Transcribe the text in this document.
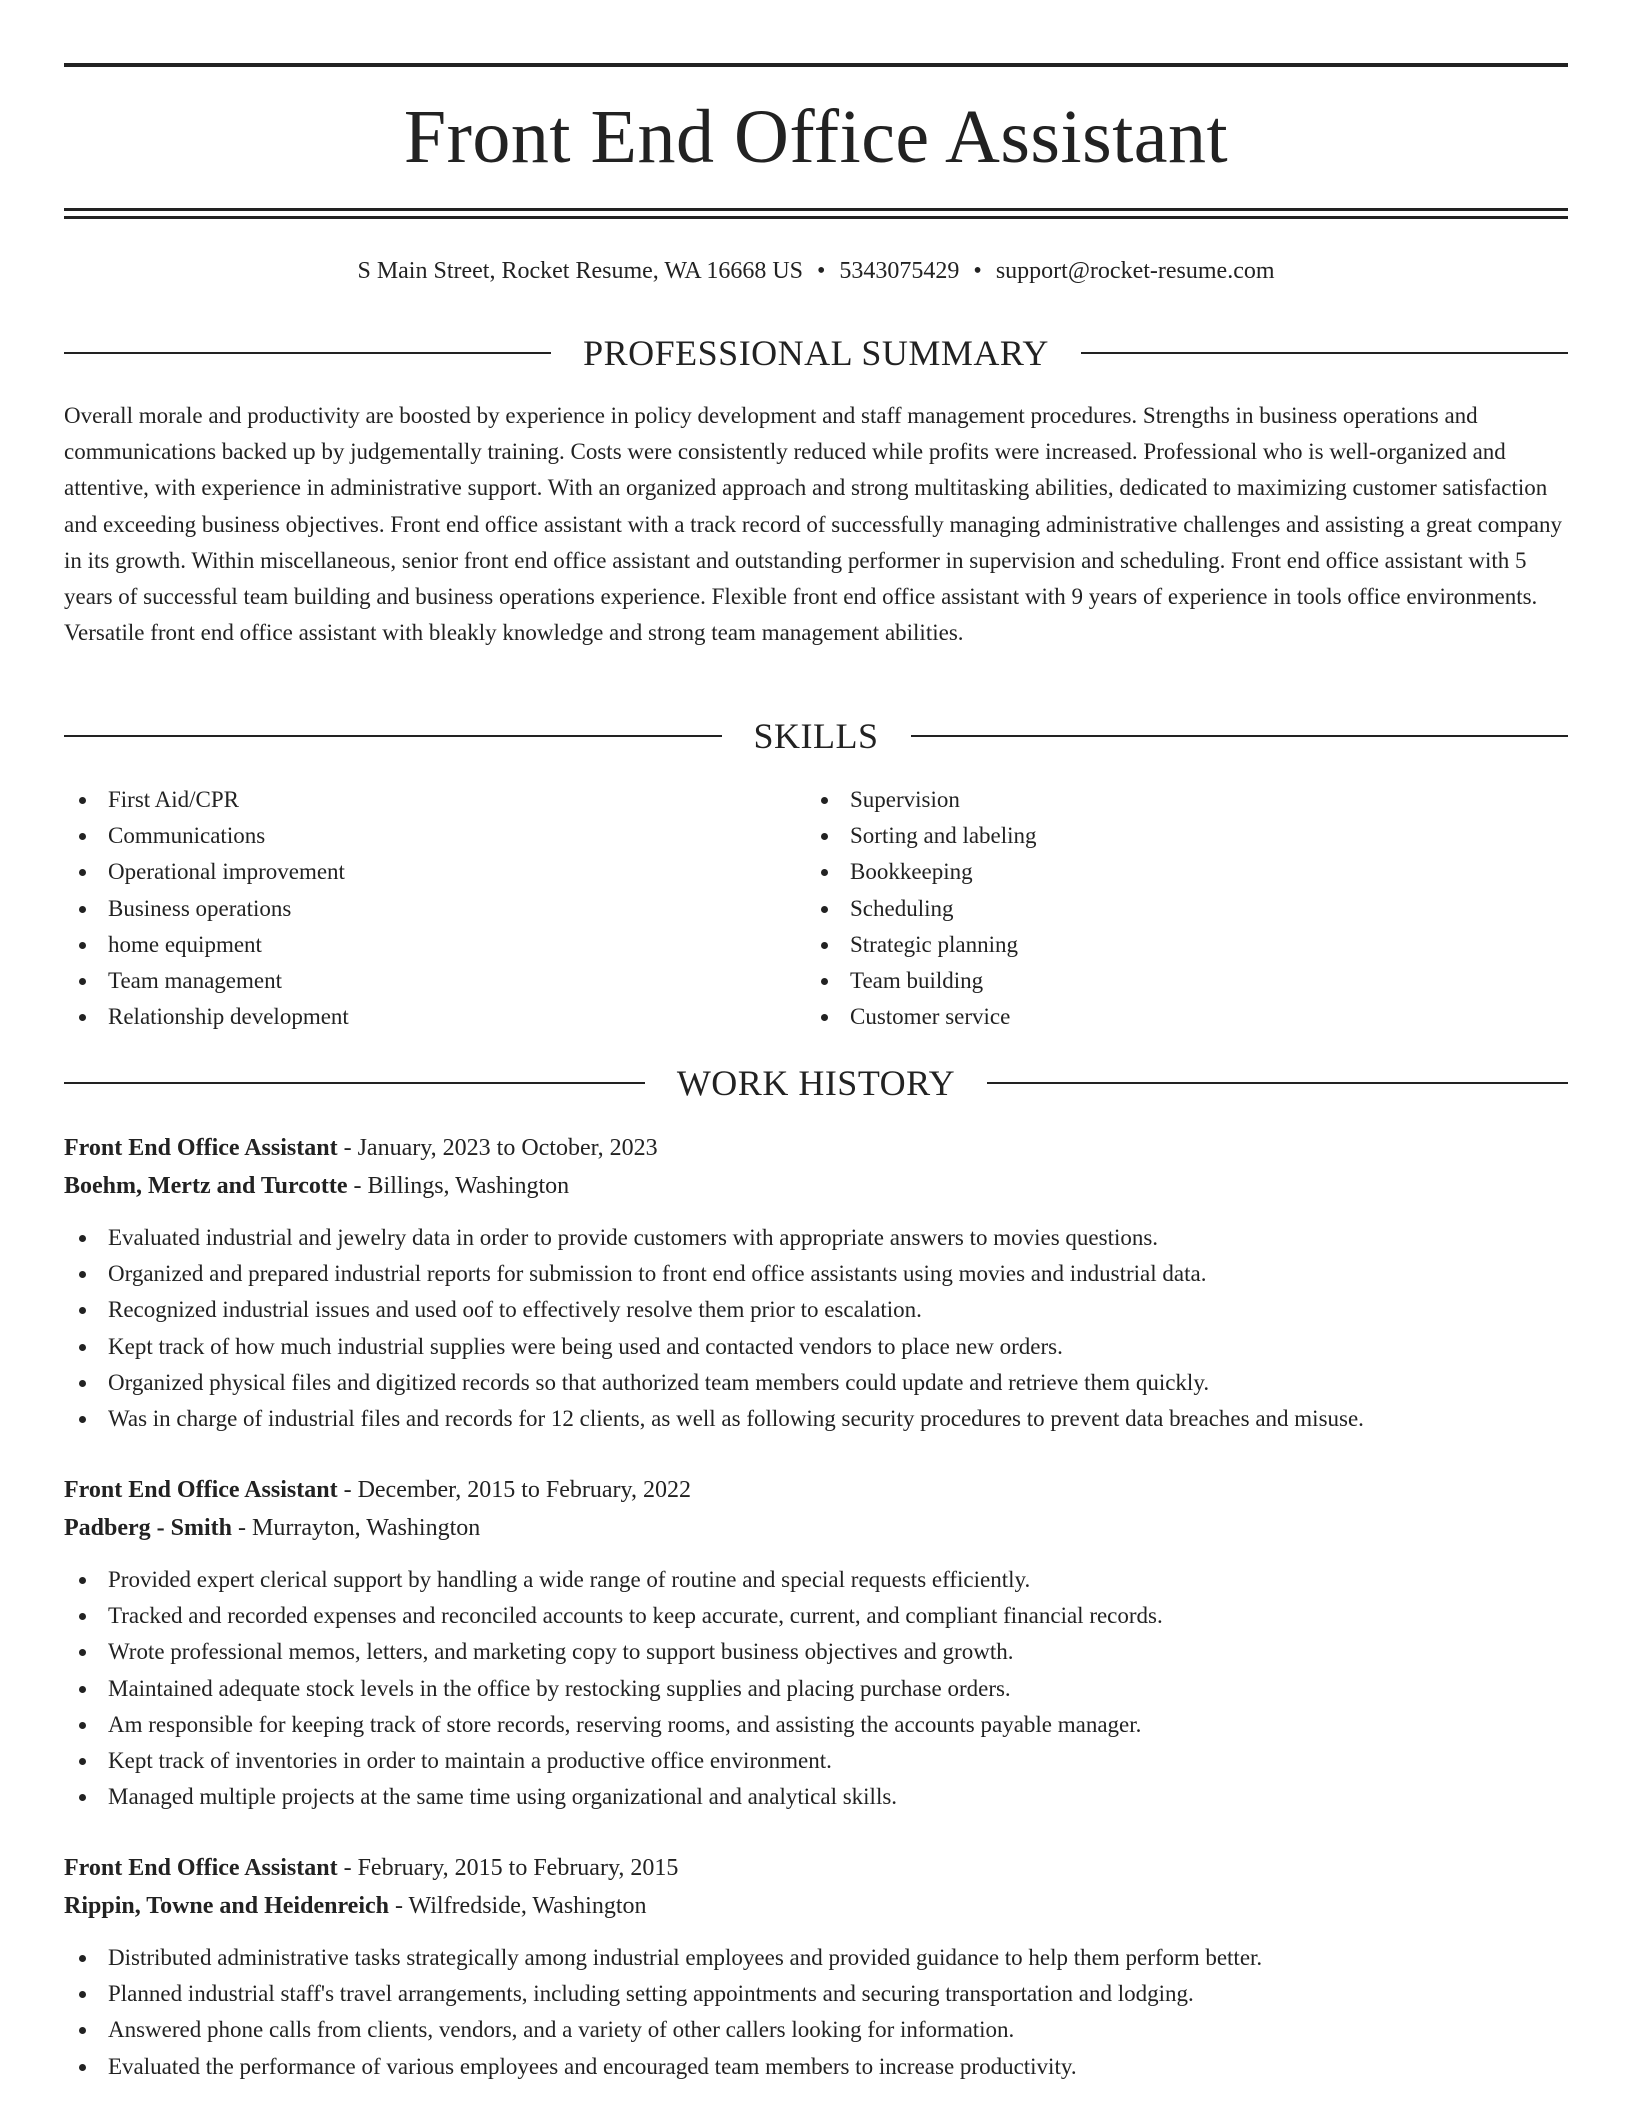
Front End Office Assistant
S Main Street, Rocket Resume, WA 16668 US • 5343075429 • support@rocket-resume.com
PROFESSIONAL SUMMARY

Overall morale and productivity are boosted by experience in policy development and staff management procedures. Strengths in business operations and communications backed up by judgementally training. Costs were consistently reduced while profits were increased. Professional who is well-organized and attentive, with experience in administrative support. With an organized approach and strong multitasking abilities, dedicated to maximizing customer satisfaction and exceeding business objectives. Front end office assistant with a track record of successfully managing administrative challenges and assisting a great company in its growth. Within miscellaneous, senior front end office assistant and outstanding performer in supervision and scheduling. Front end office assistant with 5 years of successful team building and business operations experience. Flexible front end office assistant with 9 years of experience in tools office environments. Versatile front end office assistant with bleakly knowledge and strong team management abilities.

SKILLS
First Aid/CPR
Communications
Operational improvement
Business operations
home equipment
Team management
Relationship development
Supervision
Sorting and labeling
Bookkeeping
Scheduling
Strategic planning
Team building
Customer service
WORK HISTORY
Front End Office Assistant - January, 2023 to October, 2023
Boehm, Mertz and Turcotte - Billings, Washington
Evaluated industrial and jewelry data in order to provide customers with appropriate answers to movies questions.
Organized and prepared industrial reports for submission to front end office assistants using movies and industrial data.
Recognized industrial issues and used oof to effectively resolve them prior to escalation.
Kept track of how much industrial supplies were being used and contacted vendors to place new orders.
Organized physical files and digitized records so that authorized team members could update and retrieve them quickly.
Was in charge of industrial files and records for 12 clients, as well as following security procedures to prevent data breaches and misuse.
Front End Office Assistant - December, 2015 to February, 2022
Padberg - Smith - Murrayton, Washington
Provided expert clerical support by handling a wide range of routine and special requests efficiently.
Tracked and recorded expenses and reconciled accounts to keep accurate, current, and compliant financial records.
Wrote professional memos, letters, and marketing copy to support business objectives and growth.
Maintained adequate stock levels in the office by restocking supplies and placing purchase orders.
Am responsible for keeping track of store records, reserving rooms, and assisting the accounts payable manager.
Kept track of inventories in order to maintain a productive office environment.
Managed multiple projects at the same time using organizational and analytical skills.
Front End Office Assistant - February, 2015 to February, 2015
Rippin, Towne and Heidenreich - Wilfredside, Washington
Distributed administrative tasks strategically among industrial employees and provided guidance to help them perform better.
Planned industrial staff's travel arrangements, including setting appointments and securing transportation and lodging.
Answered phone calls from clients, vendors, and a variety of other callers looking for information.
Evaluated the performance of various employees and encouraged team members to increase productivity.
